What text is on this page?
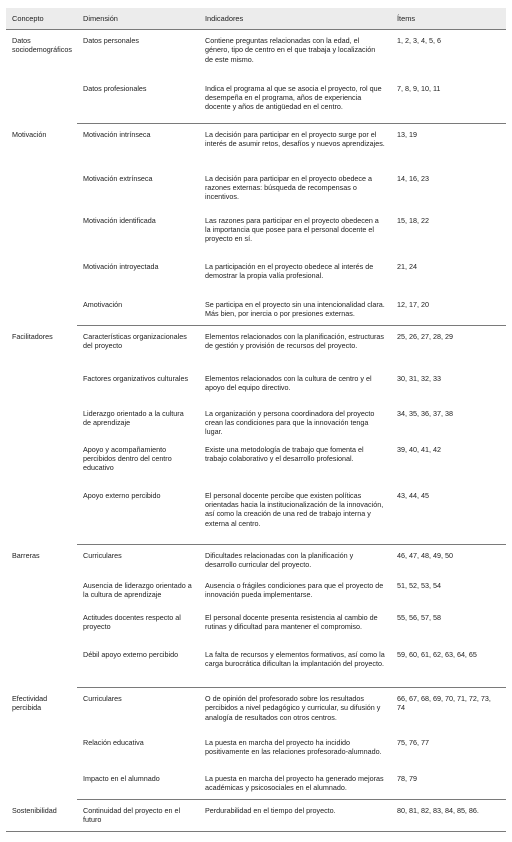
Concepto	Dimensión	Indicadores	Ítems
Datos sociodemográficos	Datos personales	Contiene preguntas relacionadas con la edad, el género, tipo de centro en el que trabaja y localización de este mismo.	1, 2, 3, 4, 5, 6
	Datos profesionales	Indica el programa al que se asocia el proyecto, rol que desempeña en el programa, años de experiencia docente y años de antigüedad en el centro.	7, 8, 9, 10, 11
Motivación	Motivación intrínseca	La decisión para participar en el proyecto surge por el interés de asumir retos, desafíos y nuevos aprendizajes.	13, 19
	Motivación extrínseca	La decisión para participar en el proyecto obedece a razones externas: búsqueda de recompensas o incentivos.	14, 16, 23
	Motivación identificada	Las razones para participar en el proyecto obedecen a la importancia que posee para el personal docente el proyecto en sí.	15, 18, 22
	Motivación introyectada	La participación en el proyecto obedece al interés de demostrar la propia valía profesional.	21, 24
	Amotivación	Se participa en el proyecto sin una intencionalidad clara. Más bien, por inercia o por presiones externas.	12, 17, 20
Facilitadores	Características organizacionales del proyecto	Elementos relacionados con la planificación, estructuras de gestión y provisión de recursos del proyecto.	25, 26, 27, 28, 29
	Factores organizativos culturales	Elementos relacionados con la cultura de centro y el apoyo del equipo directivo.	30, 31, 32, 33
	Liderazgo orientado a la cultura de aprendizaje	La organización y persona coordinadora del proyecto crean las condiciones para que la innovación tenga lugar.	34, 35, 36, 37, 38
	Apoyo y acompañamiento percibidos dentro del centro educativo	Existe una metodología de trabajo que fomenta el trabajo colaborativo y el desarrollo profesional.	39, 40, 41, 42
	Apoyo externo percibido	El personal docente percibe que existen políticas orientadas hacia la institucionalización de la innovación, así como la creación de una red de trabajo interna y externa al centro.	43, 44, 45
Barreras	Curriculares	Dificultades relacionadas con la planificación y desarrollo curricular del proyecto.	46, 47, 48, 49, 50
	Ausencia de liderazgo orientado a la cultura de aprendizaje	Ausencia o frágiles condiciones para que el proyecto de innovación pueda implementarse.	51, 52, 53, 54
	Actitudes docentes respecto al proyecto	El personal docente presenta resistencia al cambio de rutinas y dificultad para mantener el compromiso.	55, 56, 57, 58
	Débil apoyo externo percibido	La falta de recursos y elementos formativos, así como la carga burocrática dificultan la implantación del proyecto.	59, 60, 61, 62, 63, 64, 65
Efectividad percibida	Curriculares	O de opinión del profesorado sobre los resultados percibidos a nivel pedagógico y curricular, su difusión y analogía de resultados con otros centros.	66, 67, 68, 69, 70, 71, 72, 73, 74
	Relación educativa	La puesta en marcha del proyecto ha incidido positivamente en las relaciones profesorado-alumnado.	75, 76, 77
	Impacto en el alumnado	La puesta en marcha del proyecto ha generado mejoras académicas y psicosociales en el alumnado.	78, 79
Sostenibilidad	Continuidad del proyecto en el futuro	Perdurabilidad en el tiempo del proyecto.	80, 81, 82, 83, 84, 85, 86.
